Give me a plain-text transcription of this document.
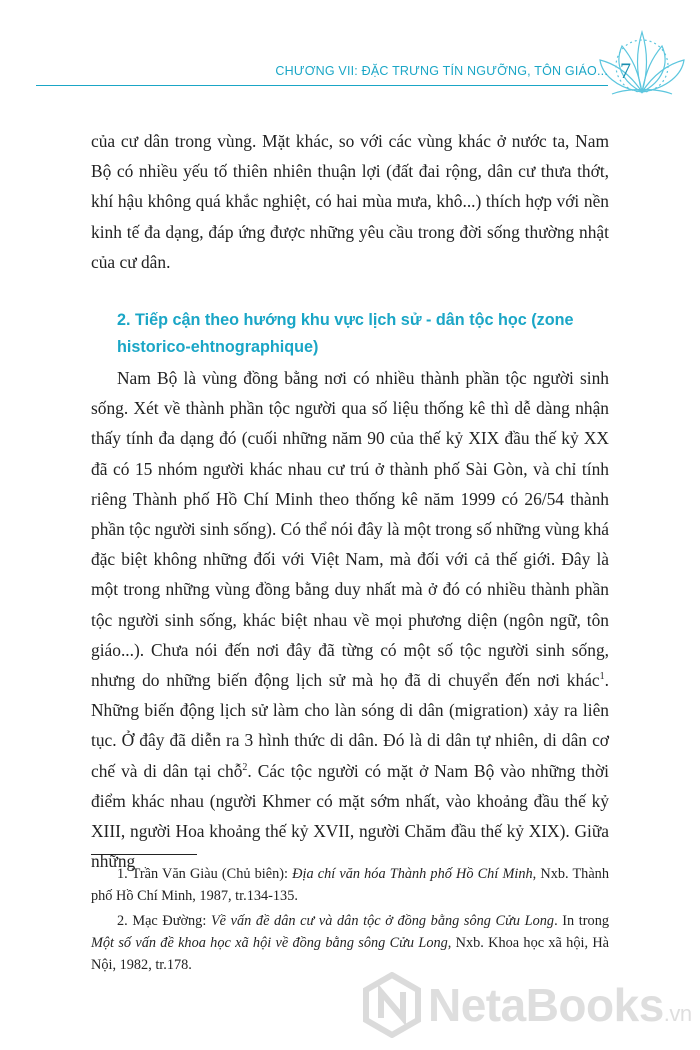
CHƯƠNG VII: ĐẶC TRƯNG TÍN NGƯỠNG, TÔN GIÁO... 7

của cư dân trong vùng. Mặt khác, so với các vùng khác ở nước ta, Nam Bộ có nhiều yếu tố thiên nhiên thuận lợi (đất đai rộng, dân cư thưa thớt, khí hậu không quá khắc nghiệt, có hai mùa mưa, khô...) thích hợp với nền kinh tế đa dạng, đáp ứng được những yêu cầu trong đời sống thường nhật của cư dân.

2. Tiếp cận theo hướng khu vực lịch sử - dân tộc học (zone historico-ehtnographique)

Nam Bộ là vùng đồng bằng nơi có nhiều thành phần tộc người sinh sống. Xét về thành phần tộc người qua số liệu thống kê thì dễ dàng nhận thấy tính đa dạng đó (cuối những năm 90 của thế kỷ XIX đầu thế kỷ XX đã có 15 nhóm người khác nhau cư trú ở thành phố Sài Gòn, và chỉ tính riêng Thành phố Hồ Chí Minh theo thống kê năm 1999 có 26/54 thành phần tộc người sinh sống). Có thể nói đây là một trong số những vùng khá đặc biệt không những đối với Việt Nam, mà đối với cả thế giới. Đây là một trong những vùng đồng bằng duy nhất mà ở đó có nhiều thành phần tộc người sinh sống, khác biệt nhau về mọi phương diện (ngôn ngữ, tôn giáo...). Chưa nói đến nơi đây đã từng có một số tộc người sinh sống, nhưng do những biến động lịch sử mà họ đã di chuyển đến nơi khác$^1$. Những biến động lịch sử làm cho làn sóng di dân (migration) xảy ra liên tục. Ở đây đã diễn ra 3 hình thức di dân. Đó là di dân tự nhiên, di dân cơ chế và di dân tại chỗ$^2$. Các tộc người có mặt ở Nam Bộ vào những thời điểm khác nhau (người Khmer có mặt sớm nhất, vào khoảng đầu thế kỷ XIII, người Hoa khoảng thế kỷ XVII, người Chăm đầu thế kỷ XIX). Giữa những

1. Trần Văn Giàu (Chủ biên): Địa chí văn hóa Thành phố Hồ Chí Minh, Nxb. Thành phố Hồ Chí Minh, 1987, tr.134-135.

2. Mạc Đường: Về vấn đề dân cư và dân tộc ở đồng bằng sông Cửu Long. In trong Một số vấn đề khoa học xã hội về đồng bằng sông Cửu Long, Nxb. Khoa học xã hội, Hà Nội, 1982, tr.178.

NetaBooks.vn
